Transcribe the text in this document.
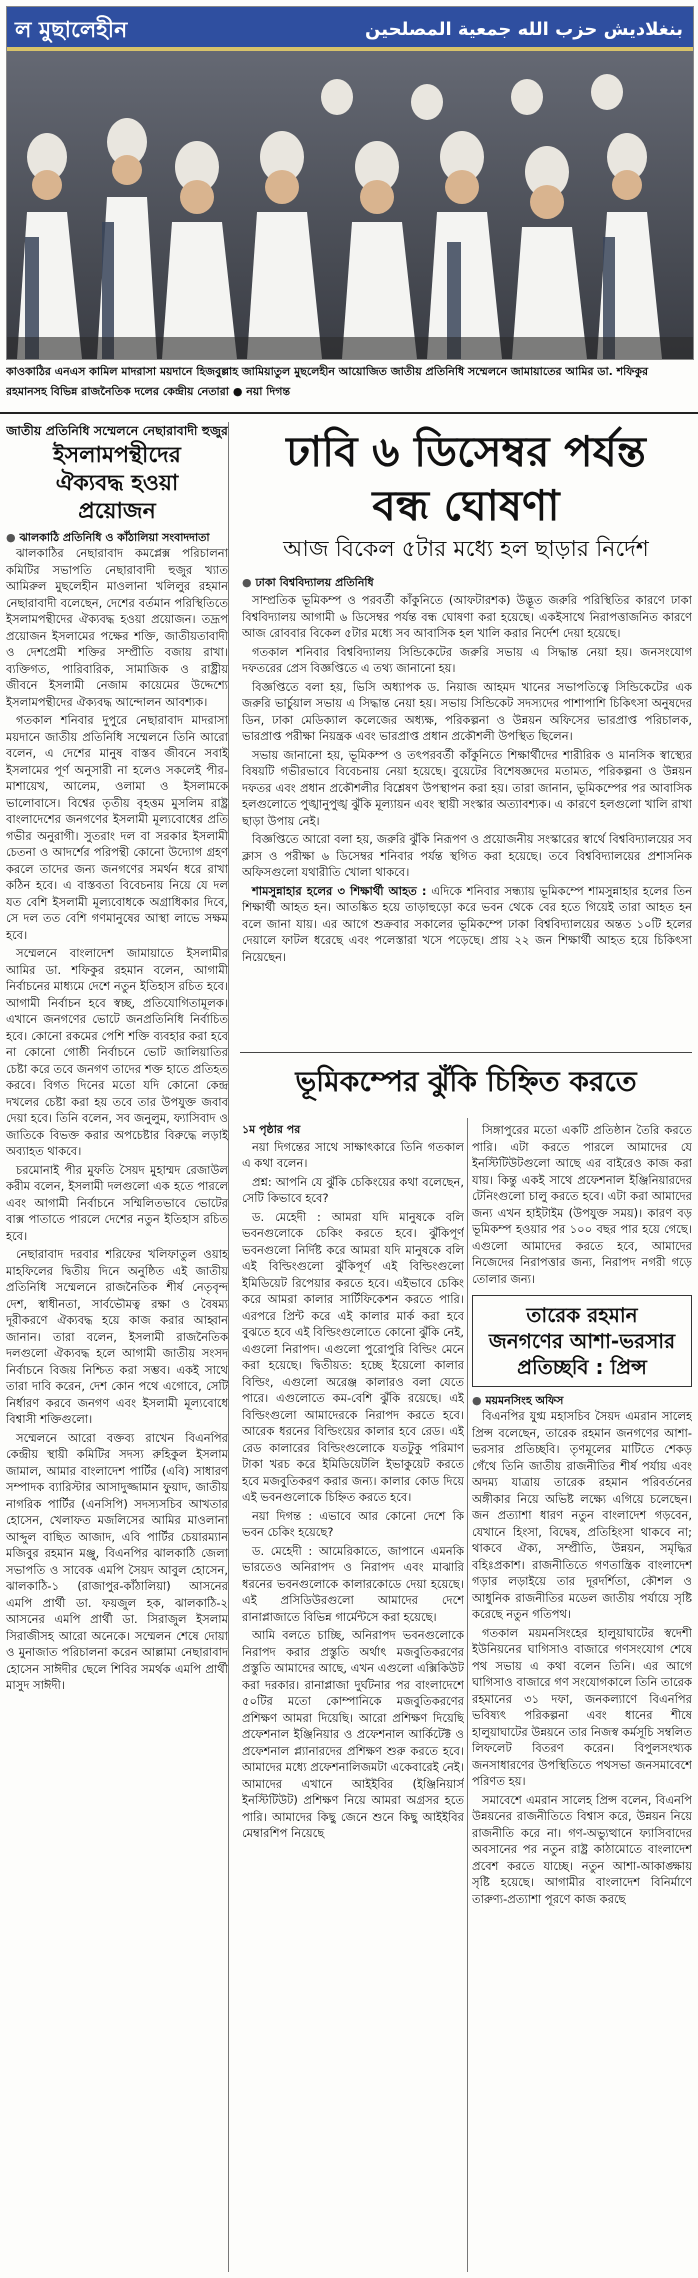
ল মুছালেহীন	بنغلاديش حزب الله جمعية المصلحين
কাওকাঠির এনএস কামিল মাদরাসা ময়দানে হিজবুল্লাহ জামিয়াতুল মুছলেহীন আয়োজিত জাতীয় প্রতিনিধি সম্মেলনে জামায়াতের আমির ডা. শফিকুর রহমানসহ বিভিন্ন রাজনৈতিক দলের কেন্দ্রীয় নেতারা ● নয়া দিগন্ত
জাতীয় প্রতিনিধি সম্মেলনে নেছারাবাদী হুজুর
ইসলামপন্থীদের
ঐক্যবদ্ধ হওয়া
প্রয়োজন
● ঝালকাঠি প্রতিনিধি ও কাঁঠালিয়া সংবাদদাতা

ঝালকাঠির নেছারাবাদ কমপ্লেক্স পরিচালনা কমিটির সভাপতি নেছারাবাদী হুজুর খ্যাত আমিরুল মুছলেহীন মাওলানা খলিলুর রহমান নেছারাবাদী বলেছেন, দেশের বর্তমান পরিস্থিতিতে ইসলামপন্থীদের ঐক্যবদ্ধ হওয়া প্রয়োজন। তদ্রূপ প্রয়োজন ইসলামের পক্ষের শক্তি, জাতীয়তাবাদী ও দেশপ্রেমী শক্তির সম্প্রীতি বজায় রাখা। ব্যক্তিগত, পারিবারিক, সামাজিক ও রাষ্ট্রীয় জীবনে ইসলামী নেজাম কায়েমের উদ্দেশ্যে ইসলামপন্থীদের ঐক্যবদ্ধ আন্দোলন আবশ্যক।

গতকাল শনিবার দুপুরে নেছারাবাদ মাদরাসা ময়দানে জাতীয় প্রতিনিধি সম্মেলনে তিনি আরো বলেন, এ দেশের মানুষ বাস্তব জীবনে সবাই ইসলামের পূর্ণ অনুসারী না হলেও সকলেই পীর-মাশায়েখ, আলেম, ওলামা ও ইসলামকে ভালোবাসে। বিশ্বের তৃতীয় বৃহত্তম মুসলিম রাষ্ট্র বাংলাদেশের জনগণের ইসলামী মূল্যবোধের প্রতি গভীর অনুরাগী। সুতরাং দল বা সরকার ইসলামী চেতনা ও আদর্শের পরিপন্থী কোনো উদ্যোগ গ্রহণ করলে তাদের জন্য জনগণের সমর্থন ধরে রাখা কঠিন হবে। এ বাস্তবতা বিবেচনায় নিয়ে যে দল যত বেশি ইসলামী মূল্যবোধকে অগ্রাধিকার দিবে, সে দল তত বেশি গণমানুষের আস্থা লাভে সক্ষম হবে।

সম্মেলনে বাংলাদেশ জামায়াতে ইসলামীর আমির ডা. শফিকুর রহমান বলেন, আগামী নির্বাচনের মাধ্যমে দেশে নতুন ইতিহাস রচিত হবে। আগামী নির্বাচন হবে স্বচ্ছ, প্রতিযোগিতামূলক। এখানে জনগণের ভোটে জনপ্রতিনিধি নির্বাচিত হবে। কোনো রকমের পেশি শক্তি ব্যবহার করা হবে না কোনো গোষ্ঠী নির্বাচনে ভোট জালিয়াতির চেষ্টা করে তবে জনগণ তাদের শক্ত হাতে প্রতিহত করবে। বিগত দিনের মতো যদি কোনো কেন্দ্র দখলের চেষ্টা করা হয় তবে তার উপযুক্ত জবাব দেয়া হবে। তিনি বলেন, সব জনুলুম, ফ্যাসিবাদ ও জাতিকে বিভক্ত করার অপচেষ্টার বিরুদ্ধে লড়াই অব্যাহত থাকবে।

চরমোনাই পীর মুফতি সৈয়দ মুহাম্মদ রেজাউল করীম বলেন, ইসলামী দলগুলো এক হতে পারলে এবং আগামী নির্বাচনে সম্মিলিতভাবে ভোটের বাক্স পাতাতে পারলে দেশের নতুন ইতিহাস রচিত হবে।

নেছারাবাদ দরবার শরিফের খলিফাতুল ওয়াহ মাহফিলের দ্বিতীয় দিনে অনুষ্ঠিত এই জাতীয় প্রতিনিধি সম্মেলনে রাজনৈতিক শীর্ষ নেতৃবৃন্দ দেশ, স্বাধীনতা, সার্বভৌমত্ব রক্ষা ও বৈষম্য দূরীকরণে ঐক্যবদ্ধ হয়ে কাজ করার আহ্বান জানান। তারা বলেন, ইসলামী রাজনৈতিক দলগুলো ঐক্যবদ্ধ হলে আগামী জাতীয় সংসদ নির্বাচনে বিজয় নিশ্চিত করা সম্ভব। একই সাথে তারা দাবি করেন, দেশ কোন পথে এগোবে, সেটি নির্ধারণ করবে জনগণ এবং ইসলামী মূল্যবোধে বিশ্বাসী শক্তিগুলো।

সম্মেলনে আরো বক্তব্য রাখেন বিএনপির কেন্দ্রীয় স্থায়ী কমিটির সদস্য রুহিকুল ইসলাম জামাল, আমার বাংলাদেশ পার্টির (এবি) সাধারণ সম্পাদক ব্যারিস্টার আসাদুজ্জামান ফুয়াদ, জাতীয় নাগরিক পার্টির (এনসিপি) সদস্যসচিব আখতার হোসেন, খেলাফত মজলিসের আমির মাওলানা আব্দুল বাছিত আজাদ, এবি পার্টির চেয়ারম্যান মজিবুর রহমান মঞ্জু, বিএনপির ঝালকাঠি জেলা সভাপতি ও সাবেক এমপি সৈয়দ আবুল হোসেন, ঝালকাঠি-১ (রাজাপুর-কাঁঠালিয়া) আসনের এমপি প্রার্থী ডা. ফয়জুল হক, ঝালকাঠি-২ আসনের এমপি প্রার্থী ডা. সিরাজুল ইসলাম সিরাজীসহ আরো অনেকে। সম্মেলন শেষে দোয়া ও মুনাজাত পরিচালনা করেন আল্লামা নেছারাবাদ হোসেন সাঈদীর ছেলে শিবির সমর্থক এমপি প্রার্থী মাসুদ সাঈদী।

ঢাবি ৬ ডিসেম্বর পর্যন্ত
বন্ধ ঘোষণা
আজ বিকেল ৫টার মধ্যে হল ছাড়ার নির্দেশ
● ঢাকা বিশ্ববিদ্যালয় প্রতিনিধি

সাম্প্রতিক ভূমিকম্প ও পরবর্তী কাঁকুনিতে (আফটারশক) উদ্ভূত জরুরি পরিস্থিতির কারণে ঢাকা বিশ্ববিদ্যালয় আগামী ৬ ডিসেম্বর পর্যন্ত বন্ধ ঘোষণা করা হয়েছে। একইসাথে নিরাপত্তাজনিত কারণে আজ রোববার বিকেল ৫টার মধ্যে সব আবাসিক হল খালি করার নির্দেশ দেয়া হয়েছে।

গতকাল শনিবার বিশ্ববিদ্যালয় সিন্ডিকেটের জরুরি সভায় এ সিদ্ধান্ত নেয়া হয়। জনসংযোগ দফতরের প্রেস বিজ্ঞপ্তিতে এ তথ্য জানানো হয়।

বিজ্ঞপ্তিতে বলা হয়, ভিসি অধ্যাপক ড. নিয়াজ আহমদ খানের সভাপতিত্বে সিন্ডিকেটের এক জরুরি ভার্চুয়াল সভায় এ সিদ্ধান্ত নেয়া হয়। সভায় সিন্ডিকেট সদস্যদের পাশাপাশি চিকিৎসা অনুষদের ডিন, ঢাকা মেডিক্যাল কলেজের অধ্যক্ষ, পরিকল্পনা ও উন্নয়ন অফিসের ভারপ্রাপ্ত পরিচালক, ভারপ্রাপ্ত পরীক্ষা নিয়ন্ত্রক এবং ভারপ্রাপ্ত প্রধান প্রকৌশলী উপস্থিত ছিলেন।

সভায় জানানো হয়, ভূমিকম্প ও তৎপরবর্তী কাঁকুনিতে শিক্ষার্থীদের শারীরিক ও মানসিক স্বাস্থ্যের বিষয়টি গভীরভাবে বিবেচনায় নেয়া হয়েছে। বুয়েটের বিশেষজ্ঞদের মতামত, পরিকল্পনা ও উন্নয়ন দফতর এবং প্রধান প্রকৌশলীর বিশ্লেষণ উপস্থাপন করা হয়। তারা জানান, ভূমিকম্পের পর আবাসিক হলগুলোতে পুঙ্খানুপুঙ্খ ঝুঁকি মূল্যায়ন এবং স্থায়ী সংস্কার অত্যাবশ্যক। এ কারণে হলগুলো খালি রাখা ছাড়া উপায় নেই।

বিজ্ঞপ্তিতে আরো বলা হয়, জরুরি ঝুঁকি নিরূপণ ও প্রয়োজনীয় সংস্কারের স্বার্থে বিশ্ববিদ্যালয়ের সব ক্লাস ও পরীক্ষা ৬ ডিসেম্বর শনিবার পর্যন্ত স্থগিত করা হয়েছে। তবে বিশ্ববিদ্যালয়ের প্রশাসনিক অফিসগুলো যথারীতি খোলা থাকবে।

শামসুন্নাহার হলের ৩ শিক্ষার্থী আহত : এদিকে শনিবার সন্ধ্যায় ভূমিকম্পে শামসুন্নাহার হলের তিন শিক্ষার্থী আহত হন। আতঙ্কিত হয়ে তাড়াহুড়ো করে ভবন থেকে বের হতে গিয়েই তারা আহত হন বলে জানা যায়। এর আগে শুক্রবার সকালের ভূমিকম্পে ঢাকা বিশ্ববিদ্যালয়ের অন্তত ১০টি হলের দেয়ালে ফাটল ধরেছে এবং পলেস্তারা খসে পড়েছে। প্রায় ২২ জন শিক্ষার্থী আহত হয়ে চিকিৎসা নিয়েছেন।

ভূমিকম্পের ঝুঁকি চিহ্নিত করতে
১ম পৃষ্ঠার পর

নয়া দিগন্তের সাথে সাক্ষাৎকারে তিনি গতকাল এ কথা বলেন।

প্রশ্ন: আপনি যে ঝুঁকি চেকিংয়ের কথা বলেছেন, সেটি কিভাবে হবে?

ড. মেহেদী : আমরা যদি মানুষকে বলি ভবনগুলোকে চেকিং করতে হবে। ঝুঁকিপূর্ণ ভবনগুলো নির্দিষ্ট করে আমরা যদি মানুষকে বলি এই বিল্ডিংগুলো ঝুঁকিপূর্ণ এই বিল্ডিংগুলো ইমিডিয়েট রিপেয়ার করতে হবে। এইভাবে চেকিং করে আমরা কালার সার্টিফিকেশন করতে পারি। এরপরে প্রিন্ট করে এই কালার মার্ক করা হবে বুঝতে হবে এই বিল্ডিংগুলোতে কোনো ঝুঁকি নেই, এগুলো নিরাপদ। এগুলো পুরোপুরি বিল্ডিং মেনে করা হয়েছে। দ্বিতীয়ত: হচ্ছে ইয়েলো কালার বিল্ডিং, এগুলো অরেঞ্জ কালারও বলা যেতে পারে। এগুলোতে কম-বেশি ঝুঁকি রয়েছে। এই বিল্ডিংগুলো আমাদেরকে নিরাপদ করতে হবে। আরেক ধরনের বিল্ডিংয়ের কালার হবে রেড। এই রেড কালারের বিল্ডিংগুলোকে যতটুকু পরিমাণ টাকা খরচ করে ইমিডিয়েটলি ইভাকুয়েট করতে হবে মজবুতিকরণ করার জন্য। কালার কোড দিয়ে এই ভবনগুলোকে চিহ্নিত করতে হবে।

নয়া দিগন্ত : এভাবে আর কোনো দেশে কি ভবন চেকিং হয়েছে?

ড. মেহেদী : আমেরিকাতে, জাপানে এমনকি ভারতেও অনিরাপদ ও নিরাপদ এবং মাঝারি ধরনের ভবনগুলোকে কালারকোডে দেয়া হয়েছে। এই প্রসিডিউরগুলো আমাদের দেশে রানাপ্লাজাতে বিভিন্ন গার্মেন্টসে করা হয়েছে।

আমি বলতে চাচ্ছি, অনিরাপদ ভবনগুলোকে নিরাপদ করার প্রস্তুতি অর্থাৎ মজবুতিকরণের প্রস্তুতি আমাদের আছে, এখন এগুলো এক্সিকিউট করা দরকার। রানাপ্লাজা দুর্ঘটনার পর বাংলাদেশে ৫০টির মতো কোম্পানিকে মজবুতিকরণের প্রশিক্ষণ আমরা দিয়েছি। আরো প্রশিক্ষণ দিয়েছি প্রফেশনাল ইঞ্জিনিয়ার ও প্রফেশনাল আর্কিটেক্ট ও প্রফেশনাল প্ল্যানারদের প্রশিক্ষণ শুরু করতে হবে। আমাদের মধ্যে প্রফেশনালিজমটা একেবারেই নেই। আমাদের এখানে আইইবির (ইঞ্জিনিয়ার্স ইনস্টিটিউট) প্রশিক্ষণ নিয়ে আমরা অগ্রসর হতে পারি। আমাদের কিছু জেনে শুনে কিছু আইইবির মেম্বারশিপ নিয়েছে

সিঙ্গাপুরের মতো একটি প্রতিষ্ঠান তৈরি করতে পারি। এটা করতে পারলে আমাদের যে ইনস্টিটিউটগুলো আছে এর বাইরেও কাজ করা যায়। কিন্তু একই সাথে প্রফেশনাল ইঞ্জিনিয়ারদের টেনিংগুলো চালু করতে হবে। এটা করা আমাদের জন্য এখন হাইটাইম (উপযুক্ত সময়)। কারণ বড় ভূমিকম্প হওয়ার পর ১০০ বছর পার হয়ে গেছে। এগুলো আমাদের করতে হবে, আমাদের নিজেদের নিরাপত্তার জন্য, নিরাপদ নগরী গড়ে তোলার জন্য।

তারেক রহমান
জনগণের আশা-ভরসার
প্রতিচ্ছবি : প্রিন্স
● ময়মনসিংহ অফিস

বিএনপির যুগ্ম মহাসচিব সৈয়দ এমরান সালেহ প্রিন্স বলেছেন, তারেক রহমান জনগণের আশা-ভরসার প্রতিচ্ছবি। তৃণমূলের মাটিতে শেকড় গেঁথে তিনি জাতীয় রাজনীতির শীর্ষ পর্যায় এবং অদম্য যাত্রায় তারেক রহমান পরিবর্তনের অঙ্গীকার নিয়ে অভিষ্ট লক্ষ্যে এগিয়ে চলেছেন। জন প্রত্যাশা ধারণ নতুন বাংলাদেশ গড়বেন, যেখানে হিংসা, বিদ্বেষ, প্রতিহিংসা থাকবে না; থাকবে ঐক্য, সম্প্রীতি, উন্নয়ন, সমৃদ্ধির বহিঃপ্রকাশ। রাজনীতিতে গণতান্ত্রিক বাংলাদেশ গড়ার লড়াইয়ে তার দূরদর্শিতা, কৌশল ও আধুনিক রাজনীতির মডেল জাতীয় পর্যায়ে সৃষ্টি করেছে নতুন গতিপথ।

গতকাল ময়মনসিংহের হালুয়াঘাটের স্বদেশী ইউনিয়নের ঘাগিসাও বাজারে গণসংযোগ শেষে পথ সভায় এ কথা বলেন তিনি। এর আগে ঘাগিসাও বাজারে গণ সংযোগকালে তিনি তারেক রহমানের ৩১ দফা, জনকল্যাণে বিএনপির ভবিষ্যৎ পরিকল্পনা এবং ধানের শীষে হালুয়াঘাটের উন্নয়নে তার নিজস্ব কর্মসূচি সম্বলিত লিফলেট বিতরণ করেন। বিপুলসংখ্যক জনসাধারণের উপস্থিতিতে পথসভা জনসমাবেশে পরিণত হয়।

সমাবেশে এমরান সালেহ প্রিন্স বলেন, বিএনপি উন্নয়নের রাজনীতিতে বিশ্বাস করে, উন্নয়ন নিয়ে রাজনীতি করে না। গণ-অভ্যুত্থানে ফ্যাসিবাদের অবসানের পর নতুন রাষ্ট্র কাঠামোতে বাংলাদেশ প্রবেশ করতে যাচ্ছে। নতুন আশা-আকাঙ্ক্ষায় সৃষ্টি হয়েছে। আগামীর বাংলাদেশ বিনির্মাণে তারুণ্য-প্রত্যাশা পূরণে কাজ করছে
